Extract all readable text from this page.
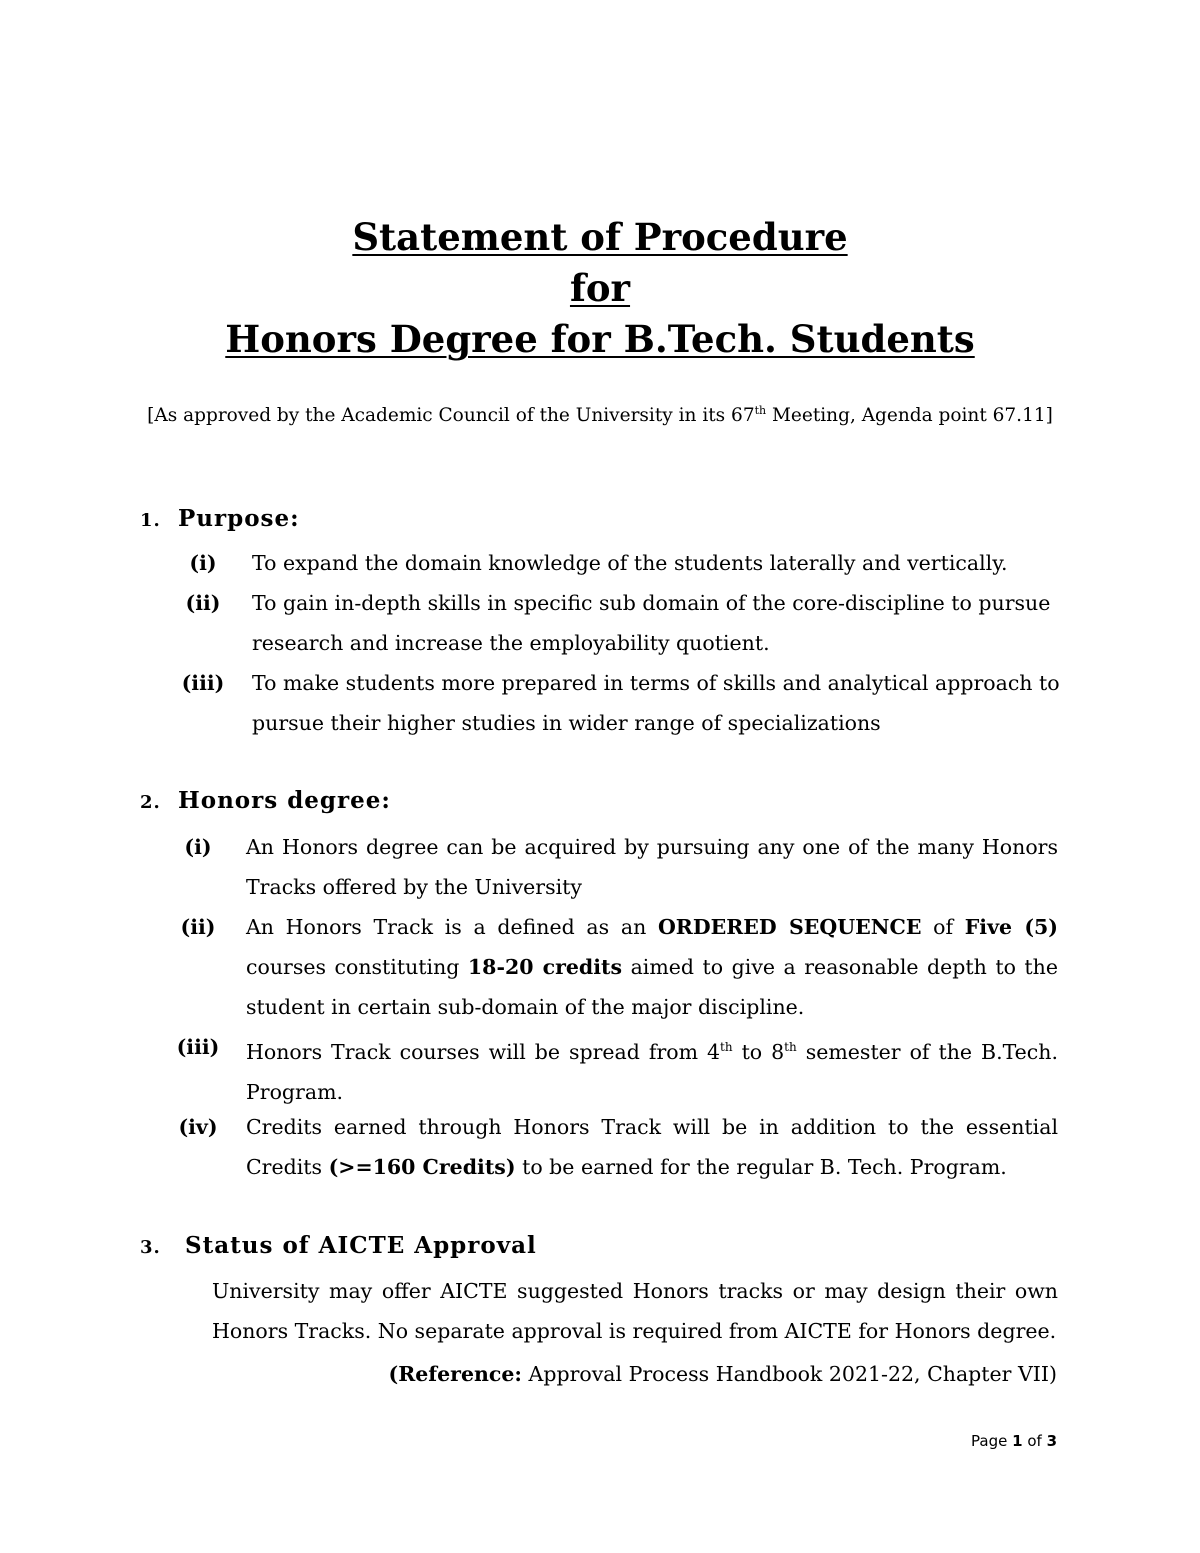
Statement of Procedure
for
Honors Degree for B.Tech. Students
[As approved by the Academic Council of the University in its 67th Meeting, Agenda point 67.11]
1. Purpose:
(i)	To expand the domain knowledge of the students laterally and vertically.
(ii)	To gain in-depth skills in specific sub domain of the core-discipline to pursue research and increase the employability quotient.
(iii)	To make students more prepared in terms of skills and analytical approach to pursue their higher studies in wider range of specializations
2. Honors degree:
(i)	An Honors degree can be acquired by pursuing any one of the many Honors Tracks offered by the University
(ii)	An Honors Track is a defined as an ORDERED SEQUENCE of Five (5) courses constituting 18-20 credits aimed to give a reasonable depth to the student in certain sub-domain of the major discipline.
(iii)	Honors Track courses will be spread from 4th to 8th semester of the B.Tech. Program.
(iv)	Credits earned through Honors Track will be in addition to the essential Credits (>=160 Credits) to be earned for the regular B. Tech. Program.
3. Status of AICTE Approval
University may offer AICTE suggested Honors tracks or may design their own Honors Tracks. No separate approval is required from AICTE for Honors degree.
(Reference: Approval Process Handbook 2021-22, Chapter VII)
Page 1 of 3
